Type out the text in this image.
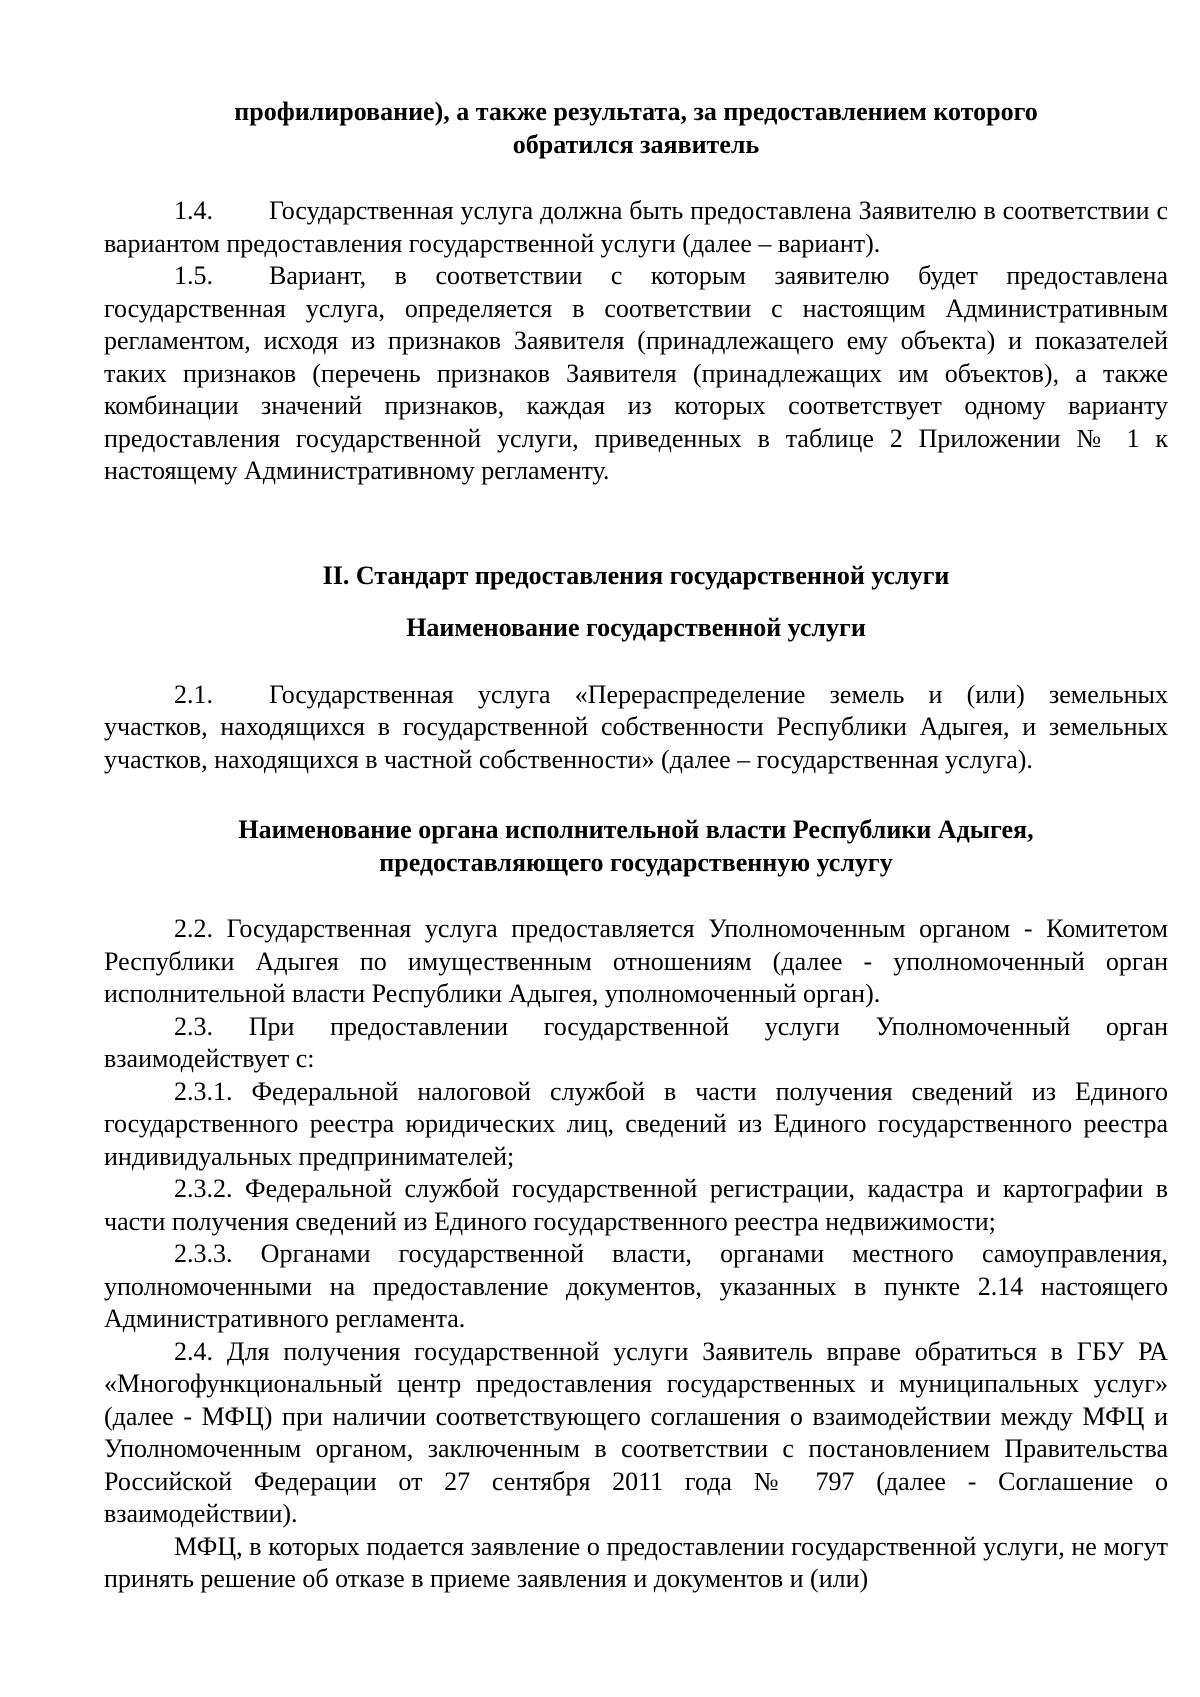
профилирование), а также результата, за предоставлением которого

обратился заявитель

1.4. Государственная услуга должна быть предоставлена Заявителю в соответствии с вариантом предоставления государственной услуги (далее – вариант).

1.5. Вариант, в соответствии с которым заявителю будет предоставлена государственная услуга, определяется в соответствии с настоящим Административным регламентом, исходя из признаков Заявителя (принадлежащего ему объекта) и показателей таких признаков (перечень признаков Заявителя (принадлежащих им объектов), а также комбинации значений признаков, каждая из которых соответствует одному варианту предоставления государственной услуги, приведенных в таблице 2 Приложении № 1 к настоящему Административному регламенту.

II. Стандарт предоставления государственной услуги

Наименование государственной услуги

2.1. Государственная услуга «Перераспределение земель и (или) земельных участков, находящихся в государственной собственности Республики Адыгея, и земельных участков, находящихся в частной собственности» (далее – государственная услуга).

Наименование органа исполнительной власти Республики Адыгея,

предоставляющего государственную услугу

2.2. Государственная услуга предоставляется Уполномоченным органом - Комитетом Республики Адыгея по имущественным отношениям (далее - уполномоченный орган исполнительной власти Республики Адыгея, уполномоченный орган).

2.3. При предоставлении государственной услуги Уполномоченный орган взаимодействует с:

2.3.1. Федеральной налоговой службой в части получения сведений из Единого государственного реестра юридических лиц, сведений из Единого государственного реестра индивидуальных предпринимателей;

2.3.2. Федеральной службой государственной регистрации, кадастра и картографии в части получения сведений из Единого государственного реестра недвижимости;

2.3.3. Органами государственной власти, органами местного самоуправления, уполномоченными на предоставление документов, указанных в пункте 2.14 настоящего Административного регламента.

2.4. Для получения государственной услуги Заявитель вправе обратиться в ГБУ РА «Многофункциональный центр предоставления государственных и муниципальных услуг» (далее - МФЦ) при наличии соответствующего соглашения о взаимодействии между МФЦ и Уполномоченным органом, заключенным в соответствии с постановлением Правительства Российской Федерации от 27 сентября 2011 года № 797 (далее - Соглашение о взаимодействии).

МФЦ, в которых подается заявление о предоставлении государственной услуги, не могут принять решение об отказе в приеме заявления и документов и (или)
